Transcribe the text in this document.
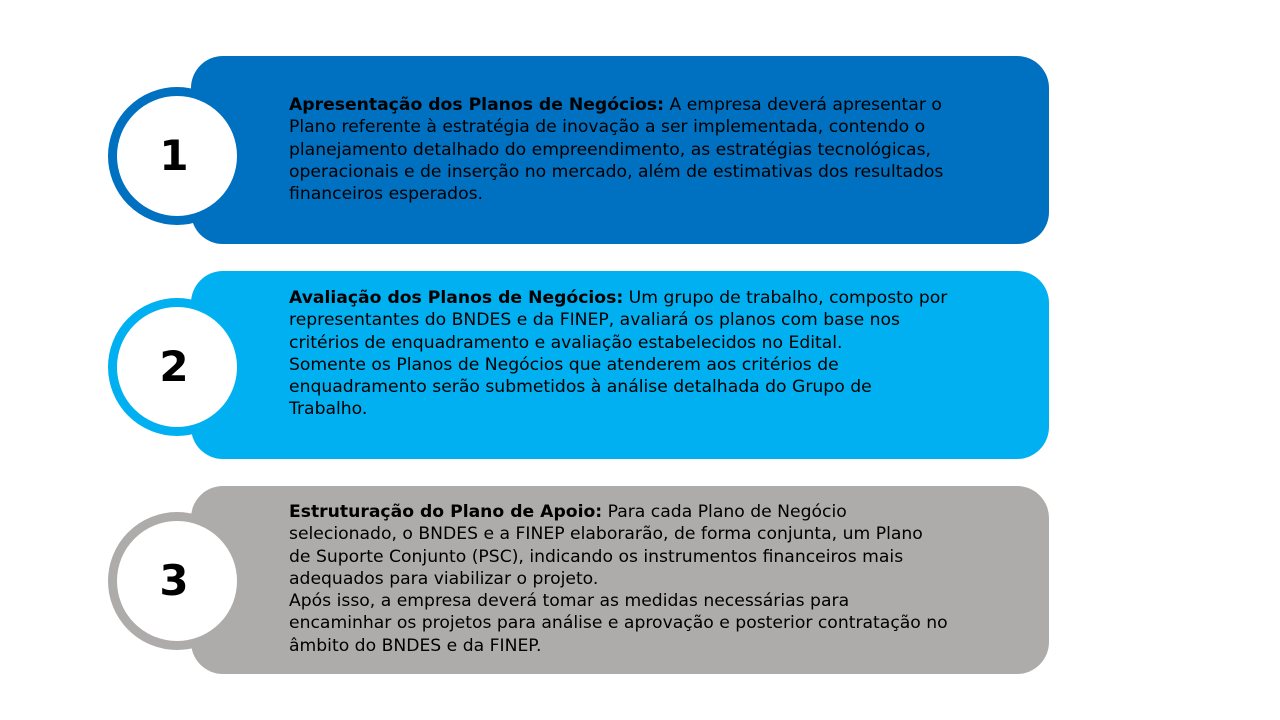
Apresentação dos Planos de Negócios: A empresa deverá apresentar o Plano referente à estratégia de inovação a ser implementada, contendo o planejamento detalhado do empreendimento, as estratégias tecnológicas, operacionais e de inserção no mercado, além de estimativas dos resultados financeiros esperados.

1

Avaliação dos Planos de Negócios: Um grupo de trabalho, composto por representantes do BNDES e da FINEP, avaliará os planos com base nos critérios de enquadramento e avaliação estabelecidos no Edital.

Somente os Planos de Negócios que atenderem aos critérios de enquadramento serão submetidos à análise detalhada do Grupo de Trabalho.

2

Estruturação do Plano de Apoio: Para cada Plano de Negócio selecionado, o BNDES e a FINEP elaborarão, de forma conjunta, um Plano de Suporte Conjunto (PSC), indicando os instrumentos financeiros mais adequados para viabilizar o projeto.

Após isso, a empresa deverá tomar as medidas necessárias para encaminhar os projetos para análise e aprovação e posterior contratação no âmbito do BNDES e da FINEP.

3
